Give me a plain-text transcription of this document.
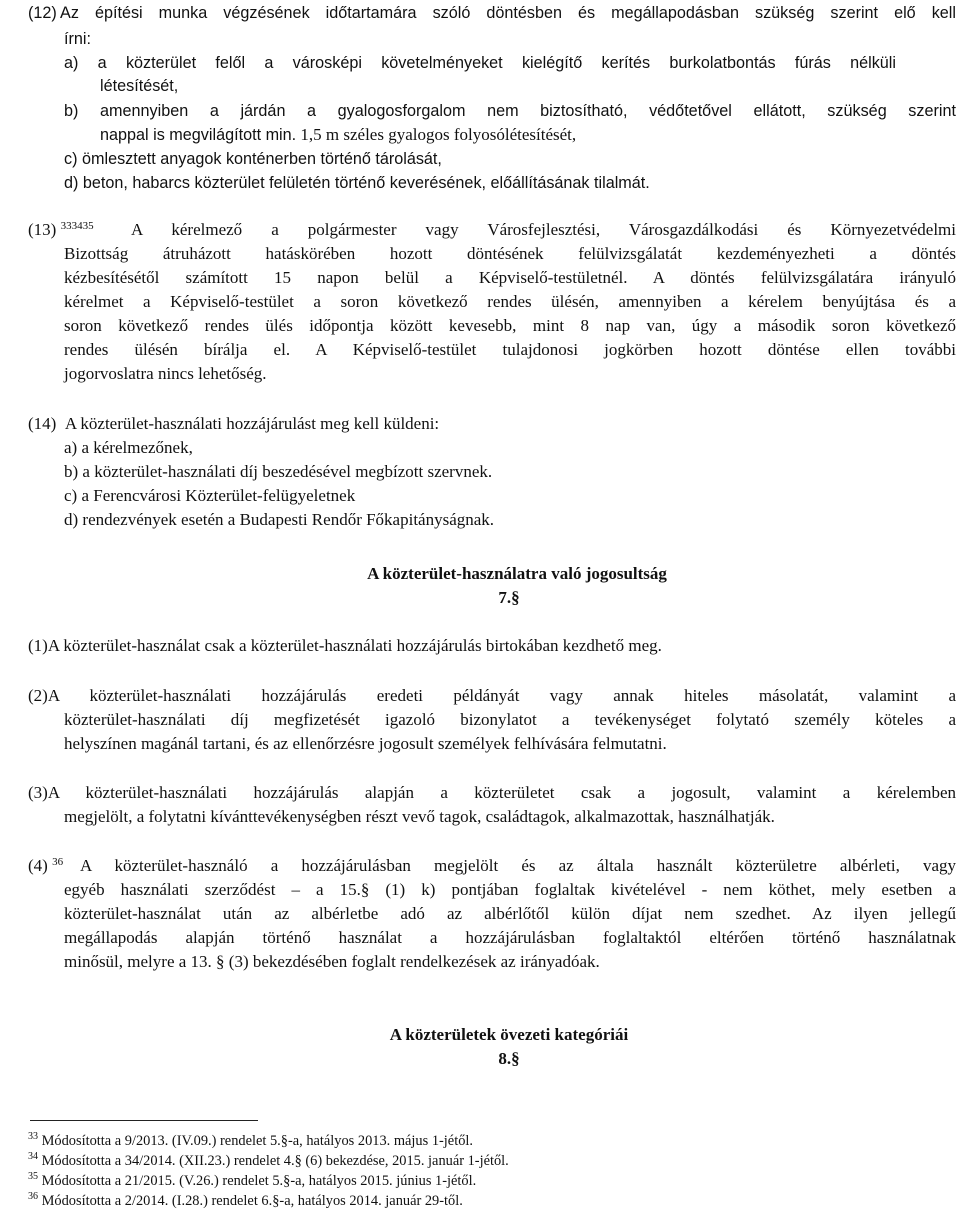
(12) Az építési munka végzésének időtartamára szóló döntésben és megállapodásban szükség szerint elő kell
írni:
a) a közterület felől a városképi követelményeket kielégítő kerítés burkolatbontás fúrás nélküli
létesítését,
b) amennyiben a járdán a gyalogosforgalom nem biztosítható, védőtetővel ellátott, szükség szerint
nappal is megvilágított min. 1,5 m széles gyalogos folyosólétesítését,
c) ömlesztett anyagok konténerben történő tárolását,
d) beton, habarcs közterület felületén történő keverésének, előállításának tilalmát.
(13) $^{333435}$ A kérelmező a polgármester vagy Városfejlesztési, Városgazdálkodási és Környezetvédelmi
Bizottság átruházott hatáskörében hozott döntésének felülvizsgálatát kezdeményezheti a döntés
kézbesítésétől számított 15 napon belül a Képviselő-testületnél. A döntés felülvizsgálatára irányuló
kérelmet a Képviselő-testület a soron következő rendes ülésén, amennyiben a kérelem benyújtása és a
soron következő rendes ülés időpontja között kevesebb, mint 8 nap van, úgy a második soron következő
rendes ülésén bírálja el. A Képviselő-testület tulajdonosi jogkörben hozott döntése ellen további
jogorvoslatra nincs lehetőség.
(14) A közterület-használati hozzájárulást meg kell küldeni:
a) a kérelmezőnek,
b) a közterület-használati díj beszedésével megbízott szervnek.
c) a Ferencvárosi Közterület-felügyeletnek
d) rendezvények esetén a Budapesti Rendőr Főkapitányságnak.
A közterület-használatra való jogosultság
7.§
(1)A közterület-használat csak a közterület-használati hozzájárulás birtokában kezdhető meg.
(2)A közterület-használati hozzájárulás eredeti példányát vagy annak hiteles másolatát, valamint a
közterület-használati díj megfizetését igazoló bizonylatot a tevékenységet folytató személy köteles a
helyszínen magánál tartani, és az ellenőrzésre jogosult személyek felhívására felmutatni.
(3)A közterület-használati hozzájárulás alapján a közterületet csak a jogosult, valamint a kérelemben
megjelölt, a folytatni kívánttevékenységben részt vevő tagok, családtagok, alkalmazottak, használhatják.
(4) $^{36}$ A közterület-használó a hozzájárulásban megjelölt és az általa használt közterületre albérleti, vagy
egyéb használati szerződést – a 15.§ (1) k) pontjában foglaltak kivételével - nem köthet, mely esetben a
közterület-használat után az albérletbe adó az albérlőtől külön díjat nem szedhet. Az ilyen jellegű
megállapodás alapján történő használat a hozzájárulásban foglaltaktól eltérően történő használatnak
minősül, melyre a 13. § (3) bekezdésében foglalt rendelkezések az irányadóak.
A közterületek övezeti kategóriái
8.§
$^{33}$ Módosította a 9/2013. (IV.09.) rendelet 5.§-a, hatályos 2013. május 1-jétől.
$^{34}$ Módosította a 34/2014. (XII.23.) rendelet 4.§ (6) bekezdése, 2015. január 1-jétől.
$^{35}$ Módosította a 21/2015. (V.26.) rendelet 5.§-a, hatályos 2015. június 1-jétől.
$^{36}$ Módosította a 2/2014. (I.28.) rendelet 6.§-a, hatályos 2014. január 29-től.
